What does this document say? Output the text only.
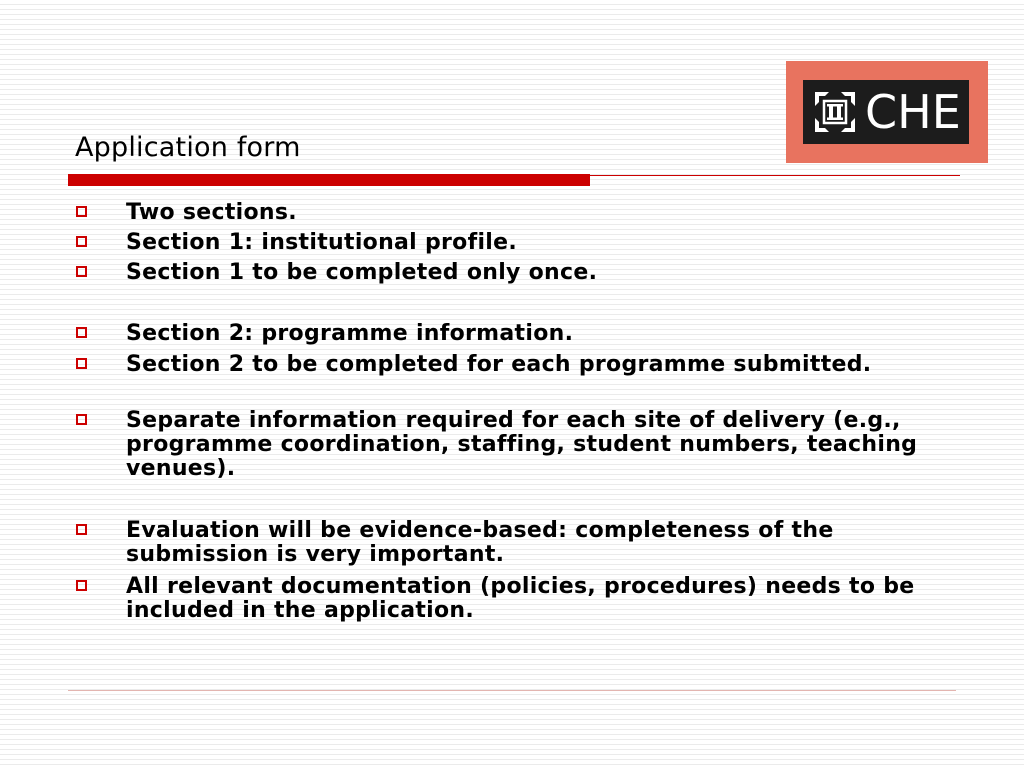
Application form
CHE
Two sections.
Section 1: institutional profile.
Section 1 to be completed only once.
Section 2: programme information.
Section 2 to be completed for each programme submitted.
Separate information required for each site of delivery (e.g., programme coordination, staffing, student numbers, teaching venues).
Evaluation will be evidence-based: completeness of the submission is very important.
All relevant documentation (policies, procedures) needs to be included in the application.
